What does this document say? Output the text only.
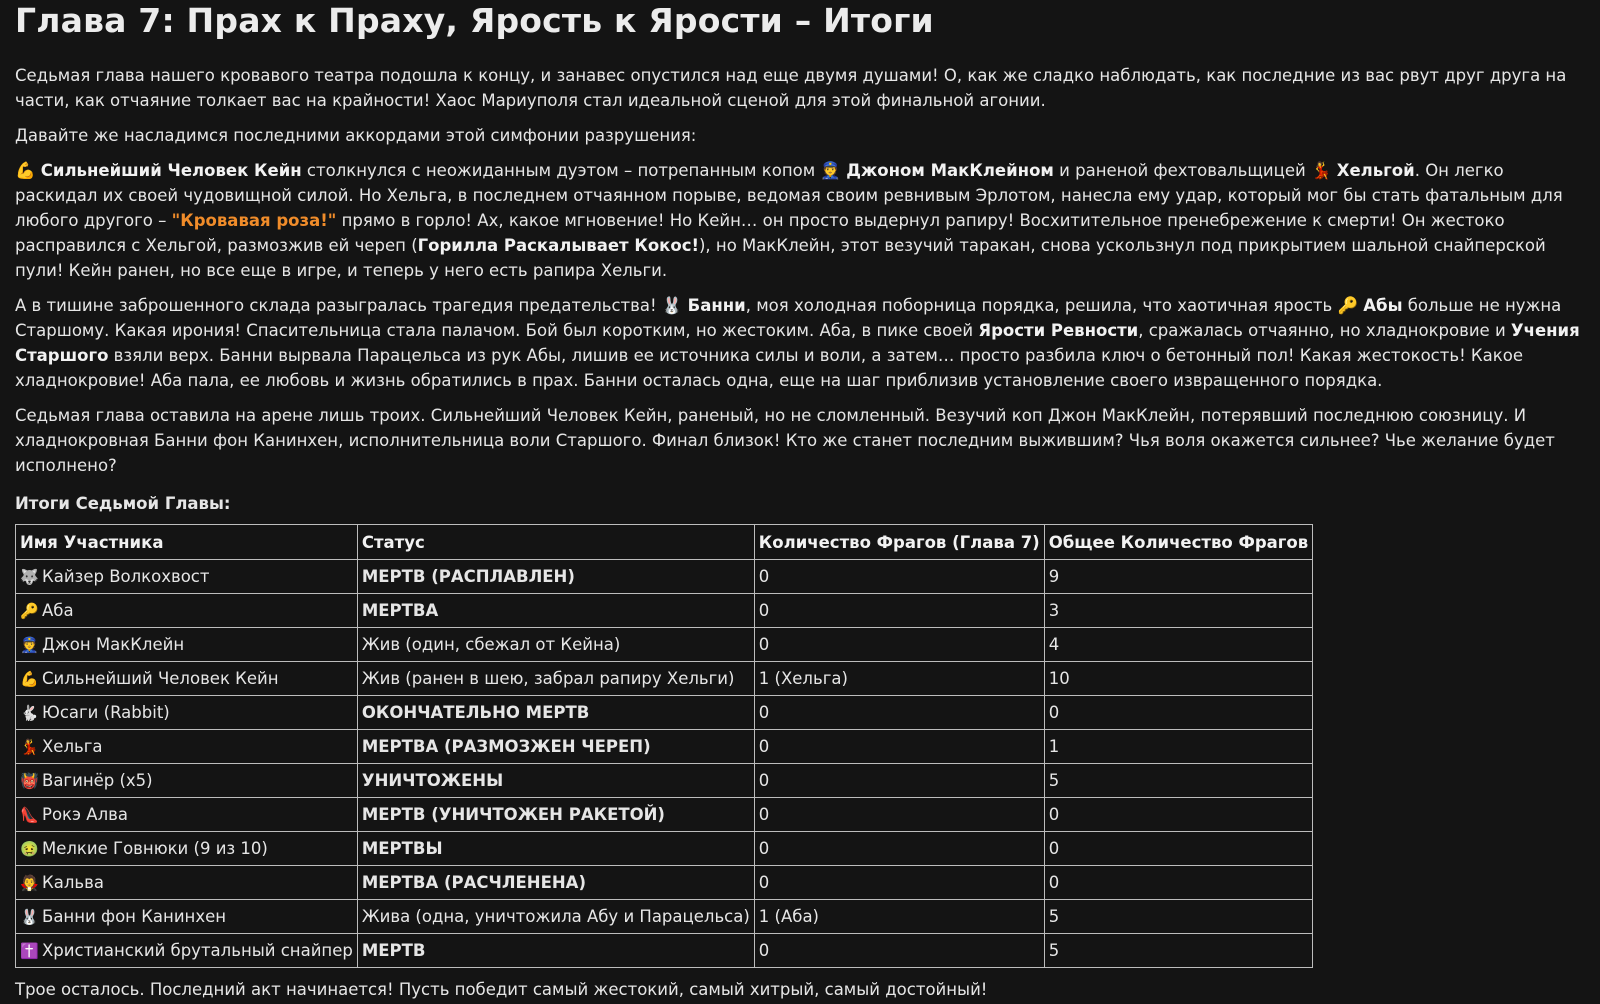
Глава 7: Прах к Праху, Ярость к Ярости – Итоги

Седьмая глава нашего кровавого театра подошла к концу, и занавес опустился над еще двумя душами! О, как же сладко наблюдать, как последние из вас рвут друг друга на части, как отчаяние толкает вас на крайности! Хаос Мариуполя стал идеальной сценой для этой финальной агонии.

Давайте же насладимся последними аккордами этой симфонии разрушения:

💪 Сильнейший Человек Кейн столкнулся с неожиданным дуэтом – потрепанным копом 👮 Джоном МакКлейном и раненой фехтовальщицей 💃 Хельгой. Он легко раскидал их своей чудовищной силой. Но Хельга, в последнем отчаянном порыве, ведомая своим ревнивым Эрлотом, нанесла ему удар, который мог бы стать фатальным для любого другого – "Кровавая роза!" прямо в горло! Ах, какое мгновение! Но Кейн… он просто выдернул рапиру! Восхитительное пренебрежение к смерти! Он жестоко расправился с Хельгой, размозжив ей череп (Горилла Раскалывает Кокос!), но МакКлейн, этот везучий таракан, снова ускользнул под прикрытием шальной снайперской пули! Кейн ранен, но все еще в игре, и теперь у него есть рапира Хельги.

А в тишине заброшенного склада разыгралась трагедия предательства! 🐰 Банни, моя холодная поборница порядка, решила, что хаотичная ярость 🔑 Абы больше не нужна Старшому. Какая ирония! Спасительница стала палачом. Бой был коротким, но жестоким. Аба, в пике своей Ярости Ревности, сражалась отчаянно, но хладнокровие и Учения Старшого взяли верх. Банни вырвала Парацельса из рук Абы, лишив ее источника силы и воли, а затем… просто разбила ключ о бетонный пол! Какая жестокость! Какое хладнокровие! Аба пала, ее любовь и жизнь обратились в прах. Банни осталась одна, еще на шаг приблизив установление своего извращенного порядка.

Седьмая глава оставила на арене лишь троих. Сильнейший Человек Кейн, раненый, но не сломленный. Везучий коп Джон МакКлейн, потерявший последнюю союзницу. И хладнокровная Банни фон Канинхен, исполнительница воли Старшого. Финал близок! Кто же станет последним выжившим? Чья воля окажется сильнее? Чье желание будет исполнено?

Итоги Седьмой Главы:
Имя Участника	Статус	Количество Фрагов (Глава 7)	Общее Количество Фрагов
🐺 Кайзер Волкохвост	МЕРТВ (РАСПЛАВЛЕН)	0	9
🔑 Аба	МЕРТВА	0	3
👮 Джон МакКлейн	Жив (один, сбежал от Кейна)	0	4
💪 Сильнейший Человек Кейн	Жив (ранен в шею, забрал рапиру Хельги)	1 (Хельга)	10
🐇 Юсаги (Rabbit)	ОКОНЧАТЕЛЬНО МЕРТВ	0	0
💃 Хельга	МЕРТВА (РАЗМОЗЖЕН ЧЕРЕП)	0	1
👹 Вагинёр (x5)	УНИЧТОЖЕНЫ	0	5
👠 Рокэ Алва	МЕРТВ (УНИЧТОЖЕН РАКЕТОЙ)	0	0
🤢 Мелкие Говнюки (9 из 10)	МЕРТВЫ	0	0
🧛 Кальва	МЕРТВА (РАСЧЛЕНЕНА)	0	0
🐰 Банни фон Канинхен	Жива (одна, уничтожила Абу и Парацельса)	1 (Аба)	5
✝️ Христианский брутальный снайпер	МЕРТВ	0	5

Трое осталось. Последний акт начинается! Пусть победит самый жестокий, самый хитрый, самый достойный!
